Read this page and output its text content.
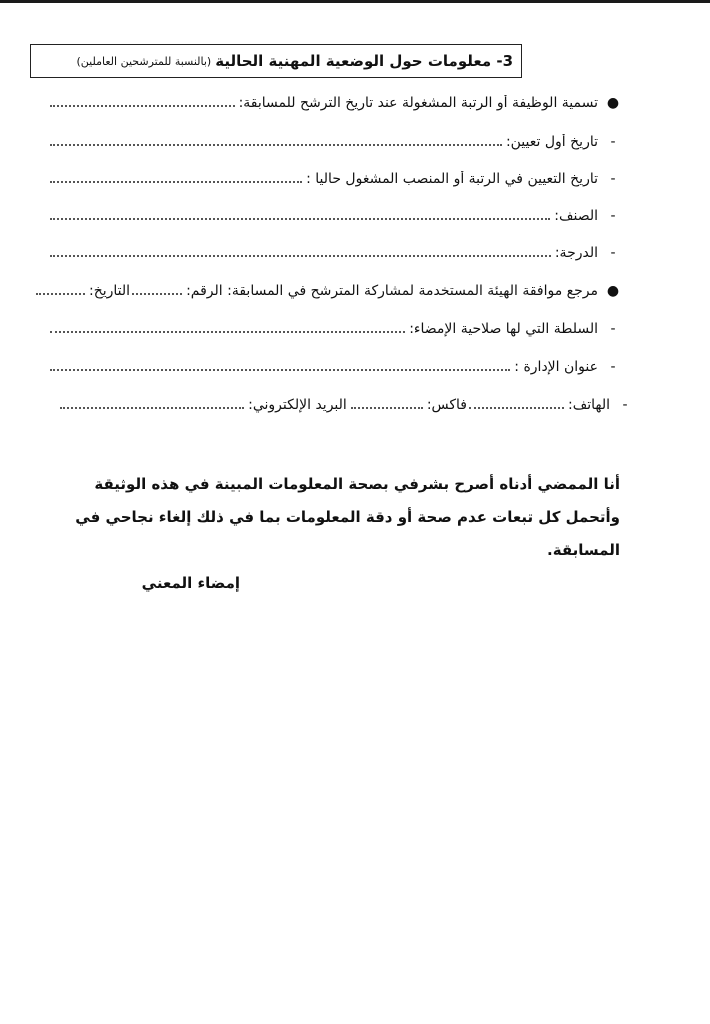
3- معلومات حول الوضعية المهنية الحالية
(بالنسبة للمترشحين العاملين)
●
تسمية الوظيفة أو الرتبة المشغولة عند تاريخ الترشح للمسابقة:
-
تاريخ أول تعيين:
-
تاريخ التعيين في الرتبة أو المنصب المشغول حاليا :
-
الصنف:
-
الدرجة:
●
مرجع موافقة الهيئة المستخدمة لمشاركة المترشح في المسابقة: الرقم:
التاريخ:
-
السلطة التي لها صلاحية الإمضاء:
-
عنوان الإدارة :
-
الهاتف:
فاكس:
البريد الإلكتروني:
أنا الممضي أدناه أصرح بشرفي بصحة المعلومات المبينة في هذه الوثيقة وأتحمل كل تبعات عدم صحة أو دقة المعلومات بما في ذلك إلغاء نجاحي في المسابقة.
إمضاء المعني
